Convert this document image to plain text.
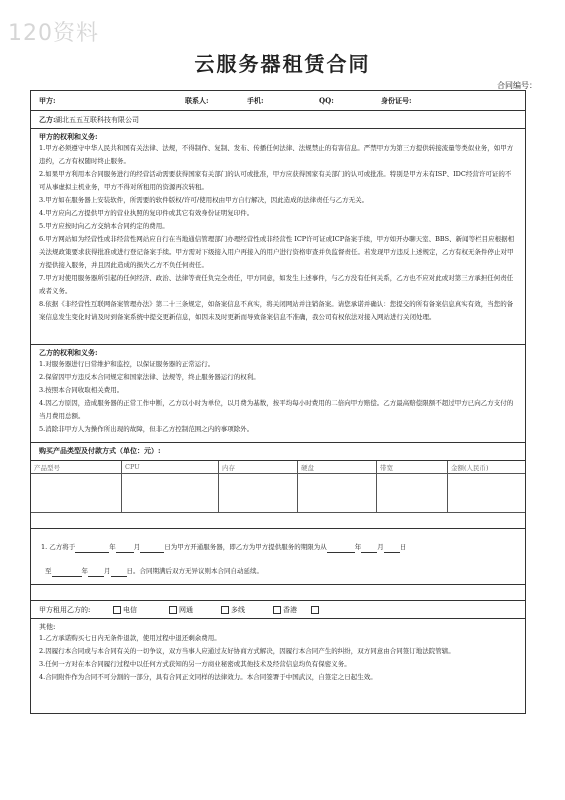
120资料
云服务器租赁合同
合同编号：
甲方:	联系人:	手机:	QQ:	身份证号:
乙方: 湖北五五互联科技有限公司
甲方的权利和义务:

1.甲方必须遵守中华人民共和国有关法律、法规，不得制作、复制、发布、传播任何法律、法规禁止的有害信息。严禁甲方为第三方提供转接流量等类似业务，如甲方违约，乙方有权随时终止服务。

2.如果甲方利用本合同服务进行的经营活动需要获得国家有关部门的认可或批准，甲方应获得国家有关部门的认可或批准。特别是甲方未有ISP、IDC经营许可证的不可从事虚拟主机业务，甲方不得对所租用的资源再次转租。

3.甲方如在服务器上安装软件，所需要的软件版权/许可/使用权由甲方自行解决，因此造成的法律责任与乙方无关。

4.甲方应向乙方提供甲方的营业执照的复印件或其它有效身份证明复印件。

5.甲方应按时向乙方交纳本合同约定的费用。

6.甲方网站如为经营性或非经营性网站应自行在当地通信管理部门办理经营性或非经营性 ICP许可证或ICP备案手续，甲方如开办聊天室、BBS、新闻等栏目应根据相关法规政策要求获得批准或进行登记备案手续。甲方需对下级接入用户再接入的用户进行资格审查并负监督责任。若发现甲方违反上述规定，乙方有权无条件停止对甲方提供接入服务，并且因此造成的损失乙方不负任何责任。

7.甲方对使用服务器所引起的任何经济、政治、法律等责任负完全责任，甲方同意，如发生上述事件，与乙方没有任何关系，乙方也不应对此或对第三方承担任何责任或者义务。

8.依据《非经营性互联网备案管理办法》第二十三条规定，如备案信息不真实，将关闭网站并注销备案。请您承诺并确认：您提交的所有备案信息真实有效，当您的备案信息发生变化时请及时到备案系统中提交更新信息，如因未及时更新而导致备案信息不准确，我公司有权依法对接入网站进行关闭处理。

乙方的权利和义务:

1.对服务器进行日常维护和监控，以保证服务器的正常运行。

2.保留因甲方违反本合同规定和国家法律、法规等，终止服务器运行的权利。

3.按照本合同收取相关费用。

4.因乙方原因，造成服务器的正常工作中断，乙方以小时为单位，以月费为基数，按平均每小时费用的二倍向甲方赔偿。乙方最高赔偿限额不超过甲方已向乙方支付的当月费用总额。

5.消除非甲方人为操作所出现的故障，但非乙方控制范围之内的事项除外。

购买产品类型及付款方式（单位：元）:
产品型号	CPU	内存	硬盘	带宽	金额(人民币)

1. 乙方将于	年	月	日为甲方开通服务器，即乙方为甲方提供服务的期限为从	年 月 日
至	年 月 日。合同期满后双方无异议则本合同自动延续。
甲方租用乙方的:	电信	网通	多线	香港
其他:

1.乙方承诺购买七日内无条件退款，使用过程中退还剩余费用。

2.因履行本合同或与本合同有关的一切争议，双方当事人应通过友好协商方式解决，因履行本合同产生的纠纷，双方同意由合同签订地法院管辖。

3.任何一方对在本合同履行过程中以任何方式获知的另一方商业秘密或其他技术及经营信息均负有保密义务。

4.合同附件作为合同不可分割的一部分，具有合同正文同样的法律效力。本合同签署于中国武汉，自签定之日起生效。
